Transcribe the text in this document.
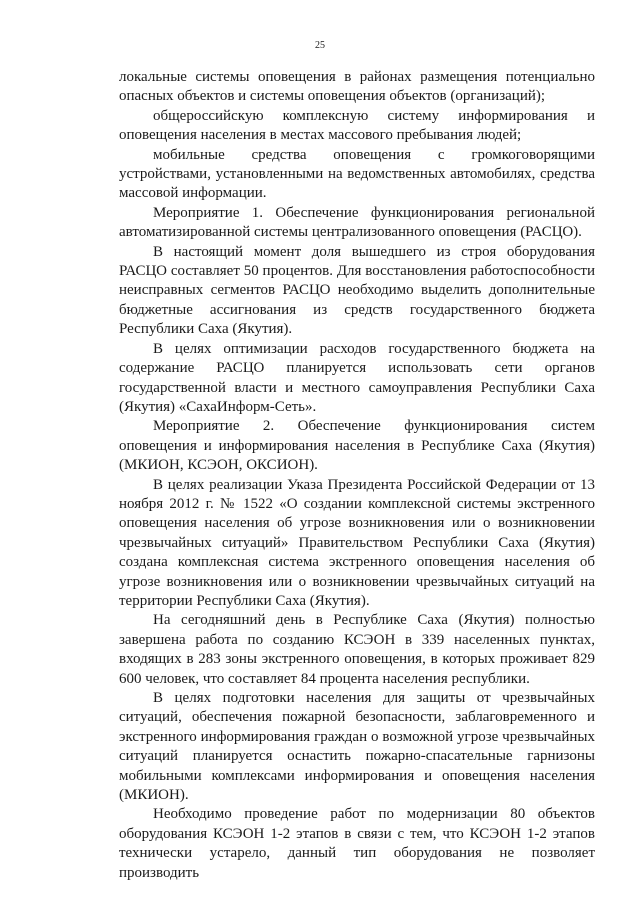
25

локальные системы оповещения в районах размещения потенциально опасных объектов и системы оповещения объектов (организаций);

общероссийскую комплексную систему информирования и оповещения населения в местах массового пребывания людей;

мобильные средства оповещения с громкоговорящими устройствами, установленными на ведомственных автомобилях, средства массовой информации.

Мероприятие 1. Обеспечение функционирования региональной автоматизированной системы централизованного оповещения (РАСЦО).

В настоящий момент доля вышедшего из строя оборудования РАСЦО составляет 50 процентов. Для восстановления работоспособности неисправных сегментов РАСЦО необходимо выделить дополнительные бюджетные ассигнования из средств государственного бюджета Республики Саха (Якутия).

В целях оптимизации расходов государственного бюджета на содержание РАСЦО планируется использовать сети органов государственной власти и местного самоуправления Республики Саха (Якутия) «СахаИнформ-Сеть».

Мероприятие 2. Обеспечение функционирования систем оповещения и информирования населения в Республике Саха (Якутия) (МКИОН, КСЭОН, ОКСИОН).

В целях реализации Указа Президента Российской Федерации от 13 ноября 2012 г. № 1522 «О создании комплексной системы экстренного оповещения населения об угрозе возникновения или о возникновении чрезвычайных ситуаций» Правительством Республики Саха (Якутия) создана комплексная система экстренного оповещения населения об угрозе возникновения или о возникновении чрезвычайных ситуаций на территории Республики Саха (Якутия).

На сегодняшний день в Республике Саха (Якутия) полностью завершена работа по созданию КСЭОН в 339 населенных пунктах, входящих в 283 зоны экстренного оповещения, в которых проживает 829 600 человек, что составляет 84 процента населения республики.

В целях подготовки населения для защиты от чрезвычайных ситуаций, обеспечения пожарной безопасности, заблаговременного и экстренного информирования граждан о возможной угрозе чрезвычайных ситуаций планируется оснастить пожарно-спасательные гарнизоны мобильными комплексами информирования и оповещения населения (МКИОН).

Необходимо проведение работ по модернизации 80 объектов оборудования КСЭОН 1-2 этапов в связи с тем, что КСЭОН 1-2 этапов технически устарело, данный тип оборудования не позволяет производить
